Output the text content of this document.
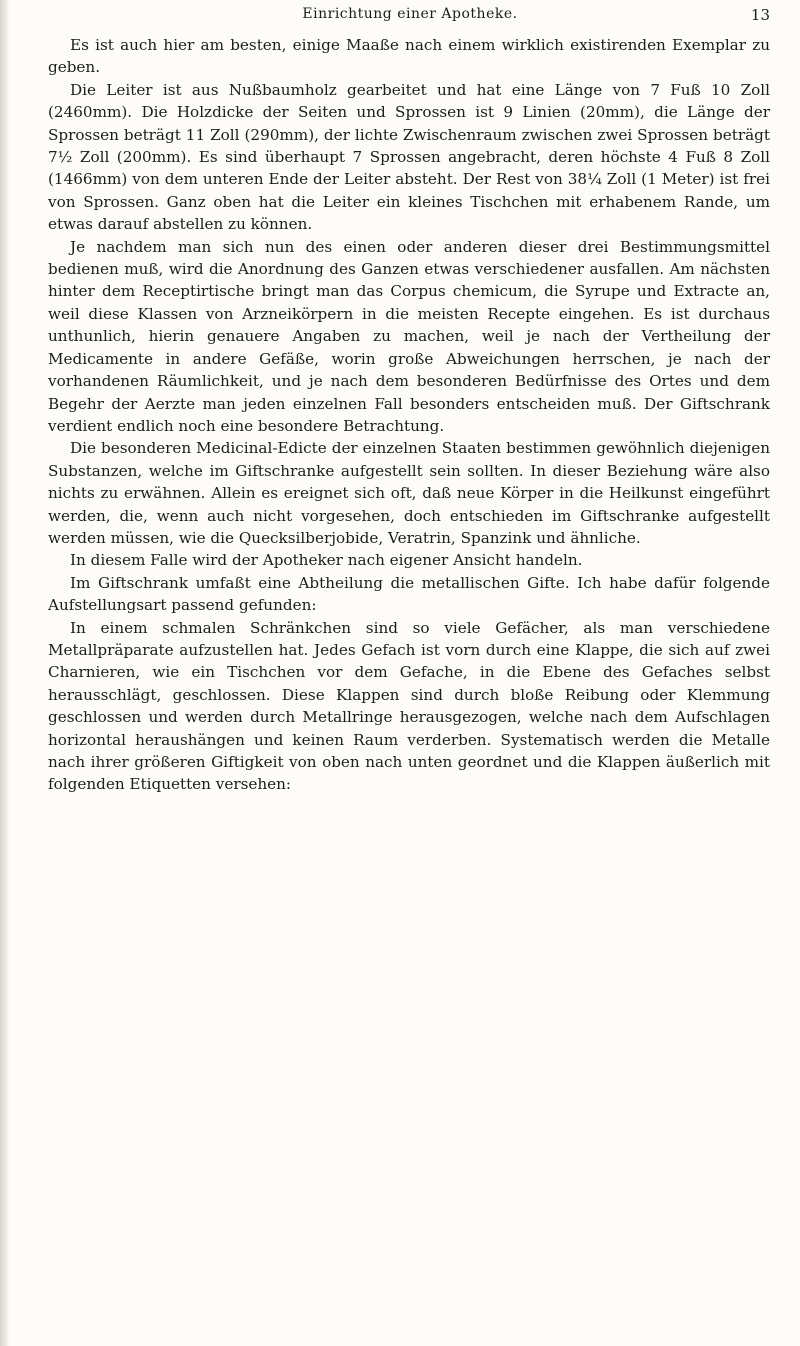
Einrichtung einer Apotheke.	13

Es ist auch hier am besten, einige Maaße nach einem wirklich existirenden Exemplar zu geben.

Die Leiter ist aus Nußbaumholz gearbeitet und hat eine Länge von 7 Fuß 10 Zoll (2460mm). Die Holzdicke der Seiten und Sprossen ist 9 Linien (20mm), die Länge der Sprossen beträgt 11 Zoll (290mm), der lichte Zwischenraum zwischen zwei Sprossen beträgt 7½ Zoll (200mm). Es sind überhaupt 7 Sprossen angebracht, deren höchste 4 Fuß 8 Zoll (1466mm) von dem unteren Ende der Leiter absteht. Der Rest von 38¼ Zoll (1 Meter) ist frei von Sprossen. Ganz oben hat die Leiter ein kleines Tischchen mit erhabenem Rande, um etwas darauf abstellen zu können.

Je nachdem man sich nun des einen oder anderen dieser drei Bestimmungsmittel bedienen muß, wird die Anordnung des Ganzen etwas verschiedener ausfallen. Am nächsten hinter dem Receptirtische bringt man das Corpus chemicum, die Syrupe und Extracte an, weil diese Klassen von Arzneikörpern in die meisten Recepte eingehen. Es ist durchaus unthunlich, hierin genauere Angaben zu machen, weil je nach der Vertheilung der Medicamente in andere Gefäße, worin große Abweichungen herrschen, je nach der vorhandenen Räumlichkeit, und je nach dem besonderen Bedürfnisse des Ortes und dem Begehr der Aerzte man jeden einzelnen Fall besonders entscheiden muß. Der Giftschrank verdient endlich noch eine besondere Betrachtung.

Die besonderen Medicinal-Edicte der einzelnen Staaten bestimmen gewöhnlich diejenigen Substanzen, welche im Giftschranke aufgestellt sein sollten. In dieser Beziehung wäre also nichts zu erwähnen. Allein es ereignet sich oft, daß neue Körper in die Heilkunst eingeführt werden, die, wenn auch nicht vorgesehen, doch entschieden im Giftschranke aufgestellt werden müssen, wie die Quecksilberjobide, Veratrin, Spanzink und ähnliche.

In diesem Falle wird der Apotheker nach eigener Ansicht handeln.

Im Giftschrank umfaßt eine Abtheilung die metallischen Gifte. Ich habe dafür folgende Aufstellungsart passend gefunden:

In einem schmalen Schränkchen sind so viele Gefächer, als man verschiedene Metallpräparate aufzustellen hat. Jedes Gefach ist vorn durch eine Klappe, die sich auf zwei Charnieren, wie ein Tischchen vor dem Gefache, in die Ebene des Gefaches selbst herausschlägt, geschlossen. Diese Klappen sind durch bloße Reibung oder Klemmung geschlossen und werden durch Metallringe herausgezogen, welche nach dem Aufschlagen horizontal heraushängen und keinen Raum verderben. Systematisch werden die Metalle nach ihrer größeren Giftigkeit von oben nach unten geordnet und die Klappen äußerlich mit folgenden Etiquetten versehen:
